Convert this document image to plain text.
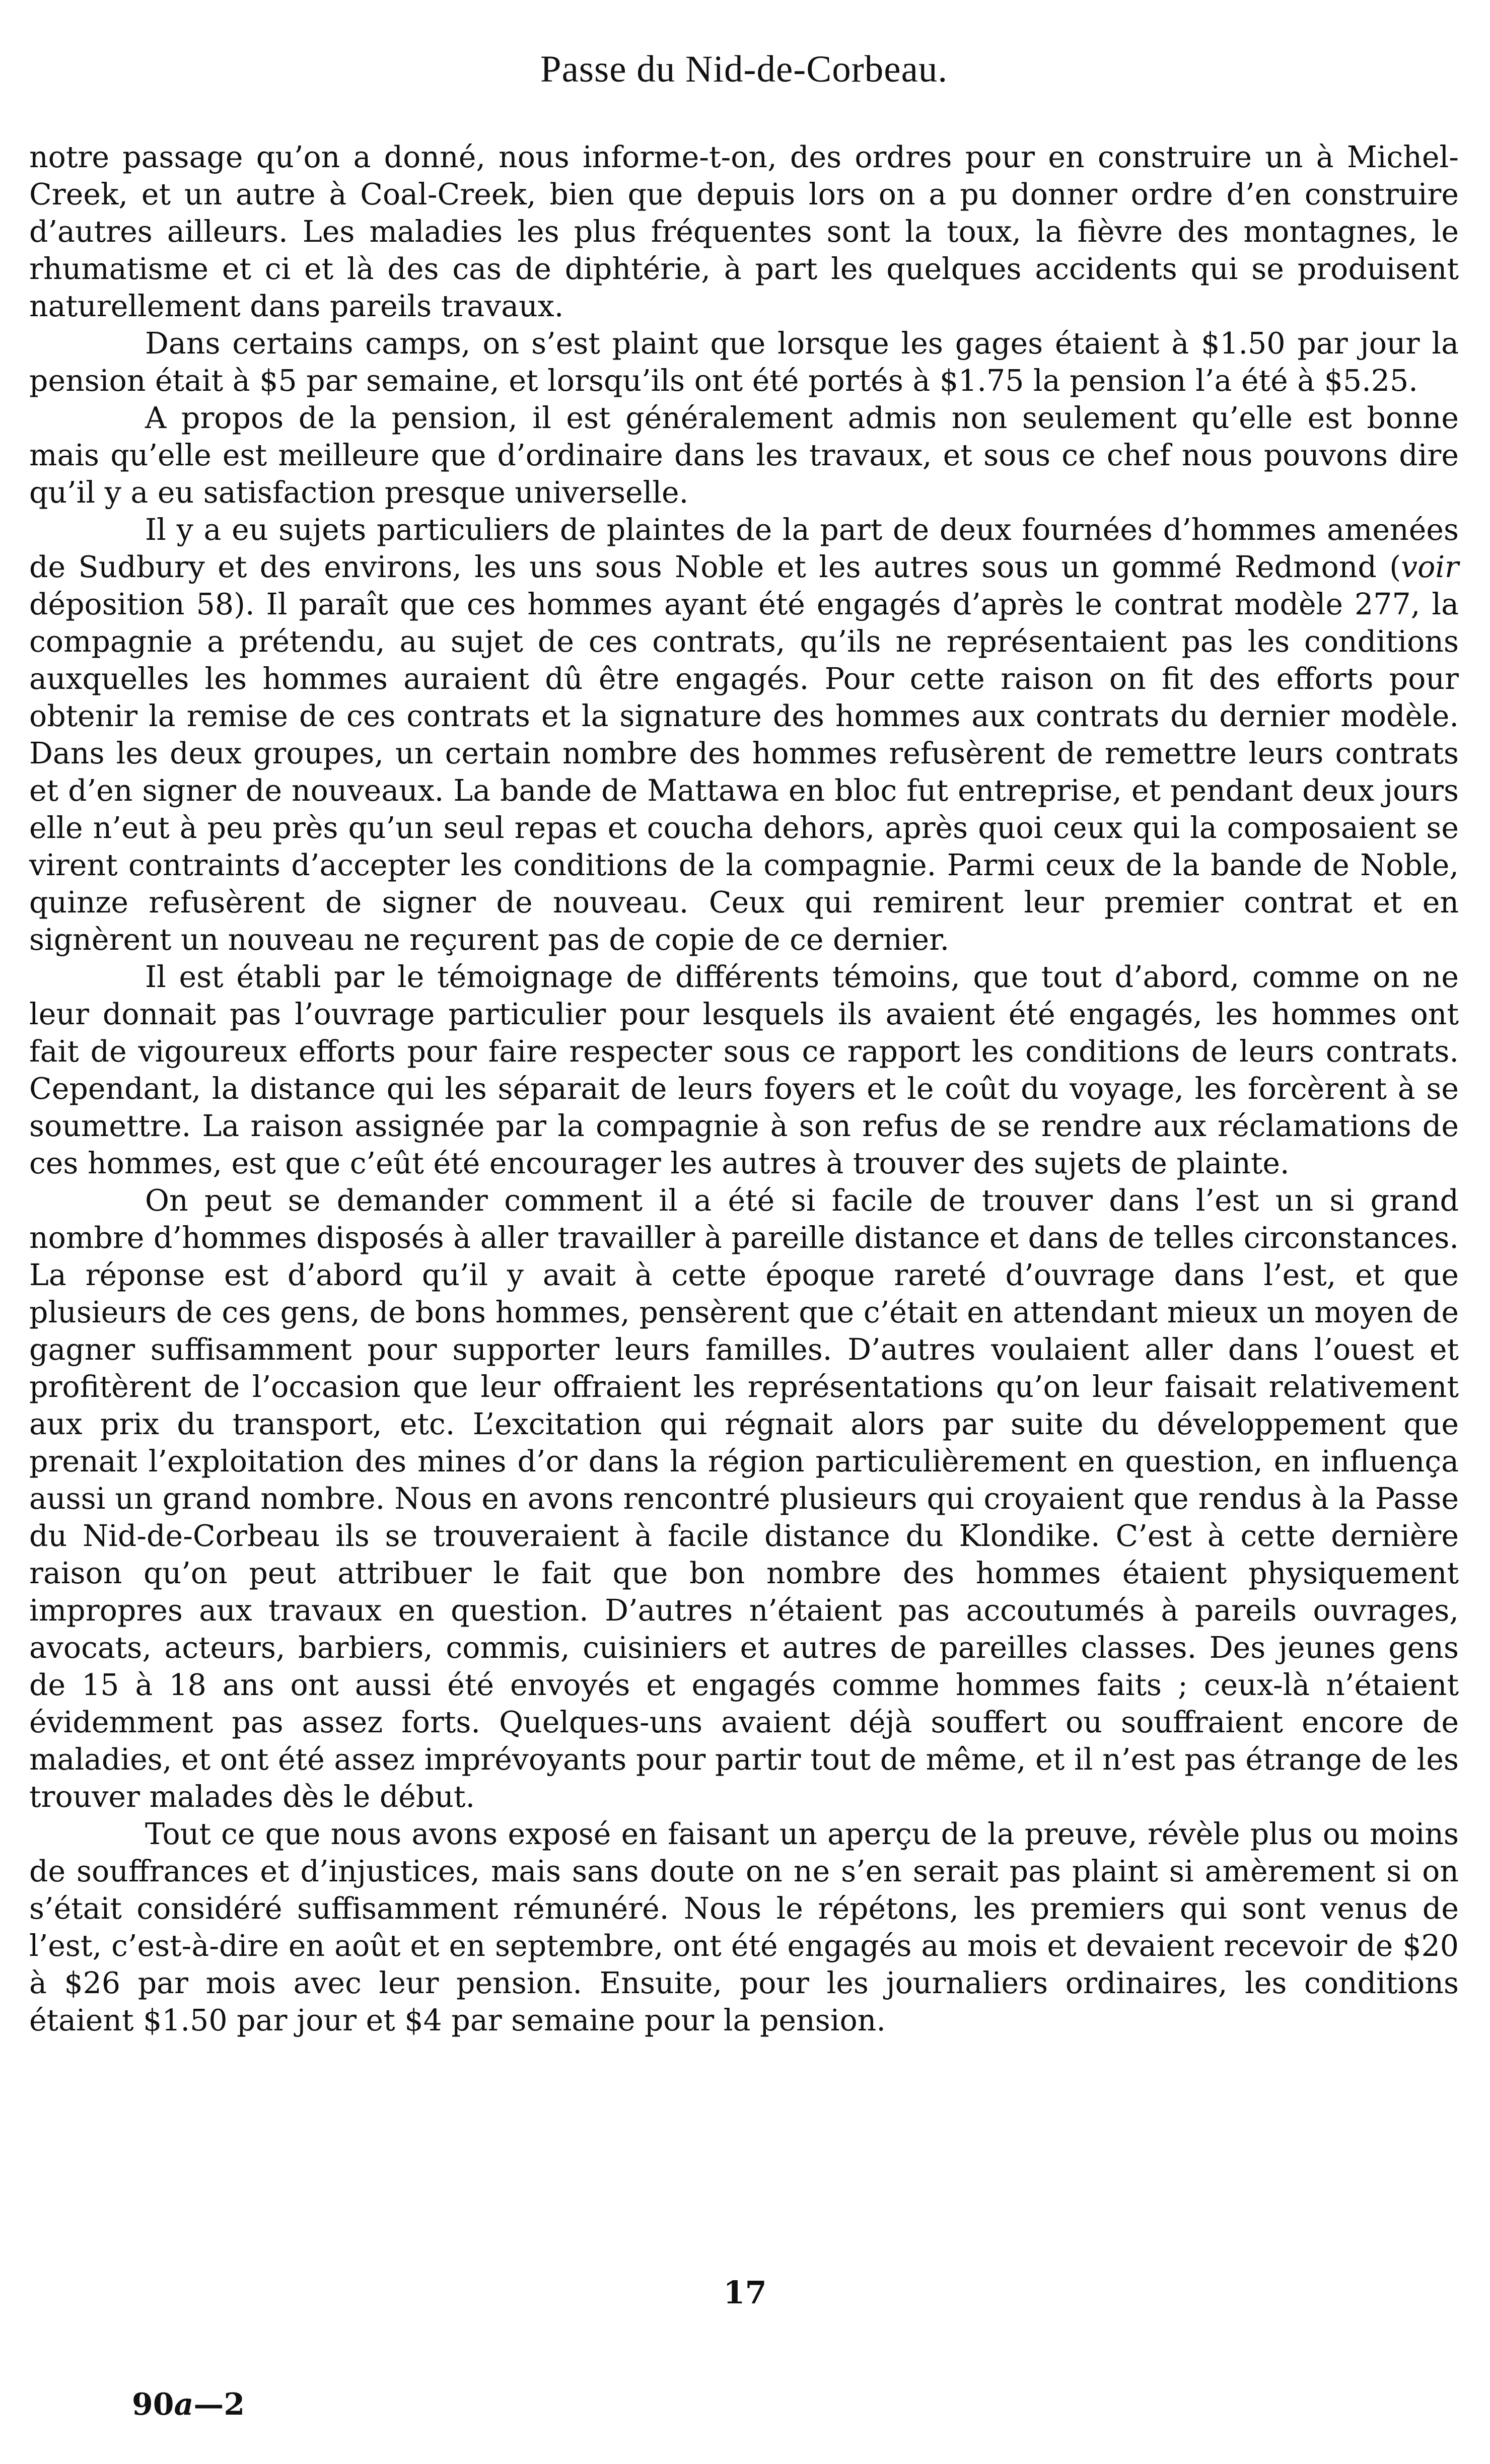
Passe du Nid-de-Corbeau.

notre passage qu’on a donné, nous informe-t-on, des ordres pour en construire un à Michel-Creek, et un autre à Coal-Creek, bien que depuis lors on a pu donner ordre d’en construire d’autres ailleurs. Les maladies les plus fréquentes sont la toux, la fièvre des montagnes, le rhumatisme et ci et là des cas de diphtérie, à part les quelques accidents qui se produisent naturellement dans pareils travaux.

Dans certains camps, on s’est plaint que lorsque les gages étaient à $1.50 par jour la pension était à $5 par semaine, et lorsqu’ils ont été portés à $1.75 la pension l’a été à $5.25.

A propos de la pension, il est généralement admis non seulement qu’elle est bonne mais qu’elle est meilleure que d’ordinaire dans les travaux, et sous ce chef nous pouvons dire qu’il y a eu satisfaction presque universelle.

Il y a eu sujets particuliers de plaintes de la part de deux fournées d’hommes amenées de Sudbury et des environs, les uns sous Noble et les autres sous un gommé Redmond (voir déposition 58). Il paraît que ces hommes ayant été engagés d’après le contrat modèle 277, la compagnie a prétendu, au sujet de ces contrats, qu’ils ne représentaient pas les conditions auxquelles les hommes auraient dû être engagés. Pour cette raison on fit des efforts pour obtenir la remise de ces contrats et la signature des hommes aux contrats du dernier modèle. Dans les deux groupes, un certain nombre des hommes refusèrent de remettre leurs contrats et d’en signer de nouveaux. La bande de Mattawa en bloc fut entreprise, et pendant deux jours elle n’eut à peu près qu’un seul repas et coucha dehors, après quoi ceux qui la composaient se virent contraints d’accepter les conditions de la compagnie. Parmi ceux de la bande de Noble, quinze refusèrent de signer de nouveau. Ceux qui remirent leur premier contrat et en signèrent un nouveau ne reçurent pas de copie de ce dernier.

Il est établi par le témoignage de différents témoins, que tout d’abord, comme on ne leur donnait pas l’ouvrage particulier pour lesquels ils avaient été engagés, les hommes ont fait de vigoureux efforts pour faire respecter sous ce rapport les conditions de leurs contrats. Cependant, la distance qui les séparait de leurs foyers et le coût du voyage, les forcèrent à se soumettre. La raison assignée par la compagnie à son refus de se rendre aux réclamations de ces hommes, est que c’eût été encourager les autres à trouver des sujets de plainte.

On peut se demander comment il a été si facile de trouver dans l’est un si grand nombre d’hommes disposés à aller travailler à pareille distance et dans de telles circonstances. La réponse est d’abord qu’il y avait à cette époque rareté d’ouvrage dans l’est, et que plusieurs de ces gens, de bons hommes, pensèrent que c’était en attendant mieux un moyen de gagner suffisamment pour supporter leurs familles. D’autres voulaient aller dans l’ouest et profitèrent de l’occasion que leur offraient les représentations qu’on leur faisait relativement aux prix du transport, etc. L’excitation qui régnait alors par suite du développement que prenait l’exploitation des mines d’or dans la région particulièrement en question, en influença aussi un grand nombre. Nous en avons rencontré plusieurs qui croyaient que rendus à la Passe du Nid-de-Corbeau ils se trouveraient à facile distance du Klondike. C’est à cette dernière raison qu’on peut attribuer le fait que bon nombre des hommes étaient physiquement impropres aux travaux en question. D’autres n’étaient pas accoutumés à pareils ouvrages, avocats, acteurs, barbiers, commis, cuisiniers et autres de pareilles classes. Des jeunes gens de 15 à 18 ans ont aussi été envoyés et engagés comme hommes faits ; ceux-là n’étaient évidemment pas assez forts. Quelques-uns avaient déjà souffert ou souffraient encore de maladies, et ont été assez imprévoyants pour partir tout de même, et il n’est pas étrange de les trouver malades dès le début.

Tout ce que nous avons exposé en faisant un aperçu de la preuve, révèle plus ou moins de souffrances et d’injustices, mais sans doute on ne s’en serait pas plaint si amèrement si on s’était considéré suffisamment rémunéré. Nous le répétons, les premiers qui sont venus de l’est, c’est-à-dire en août et en septembre, ont été engagés au mois et devaient recevoir de $20 à $26 par mois avec leur pension. Ensuite, pour les journaliers ordinaires, les conditions étaient $1.50 par jour et $4 par semaine pour la pension.

17
90a—2
